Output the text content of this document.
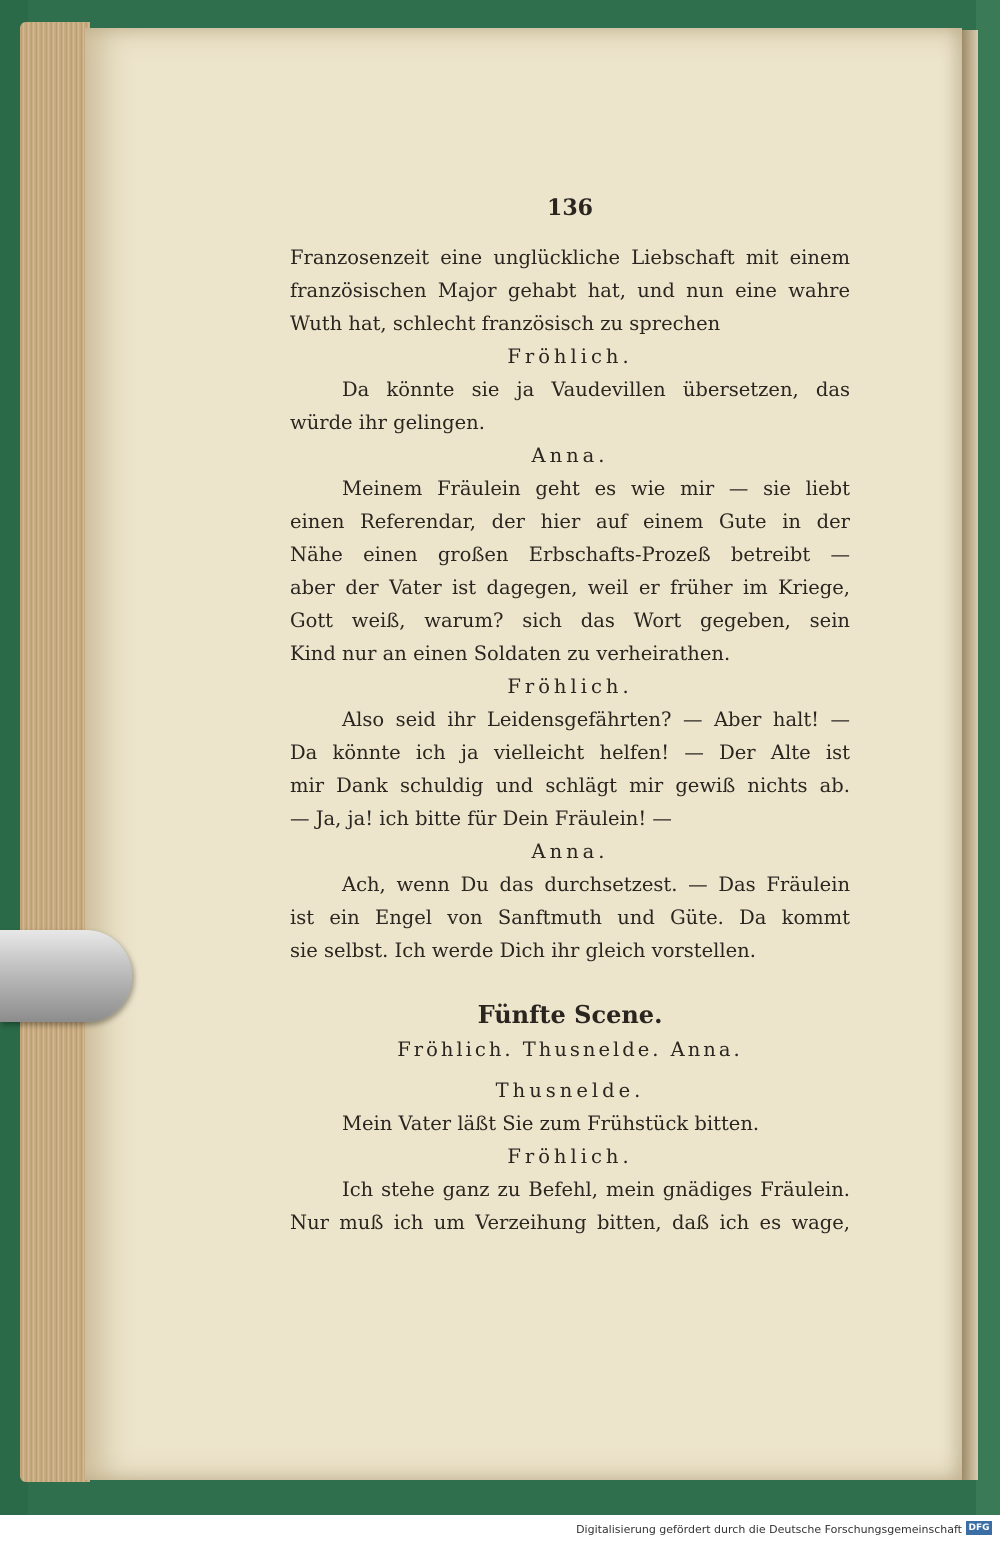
136
Franzosenzeit eine unglückliche Liebschaft mit einem
französischen Major gehabt hat, und nun eine wahre
Wuth hat, schlecht französisch zu sprechen
Fröhlich.
Da könnte sie ja Vaudevillen übersetzen, das
würde ihr gelingen.
Anna.
Meinem Fräulein geht es wie mir — sie liebt
einen Referendar, der hier auf einem Gute in der
Nähe einen großen Erbschafts-Prozeß betreibt —
aber der Vater ist dagegen, weil er früher im Kriege,
Gott weiß, warum? sich das Wort gegeben, sein
Kind nur an einen Soldaten zu verheirathen.
Fröhlich.
Also seid ihr Leidensgefährten? — Aber halt! —
Da könnte ich ja vielleicht helfen! — Der Alte ist
mir Dank schuldig und schlägt mir gewiß nichts ab.
— Ja, ja! ich bitte für Dein Fräulein! —
Anna.
Ach, wenn Du das durchsetzest. — Das Fräulein
ist ein Engel von Sanftmuth und Güte. Da kommt
sie selbst. Ich werde Dich ihr gleich vorstellen.
Fünfte Scene.
Fröhlich. Thusnelde. Anna.
Thusnelde.
Mein Vater läßt Sie zum Frühstück bitten.
Fröhlich.
Ich stehe ganz zu Befehl, mein gnädiges Fräulein.
Nur muß ich um Verzeihung bitten, daß ich es wage,
Digitalisierung gefördert durch die Deutsche Forschungsgemeinschaft DFG
